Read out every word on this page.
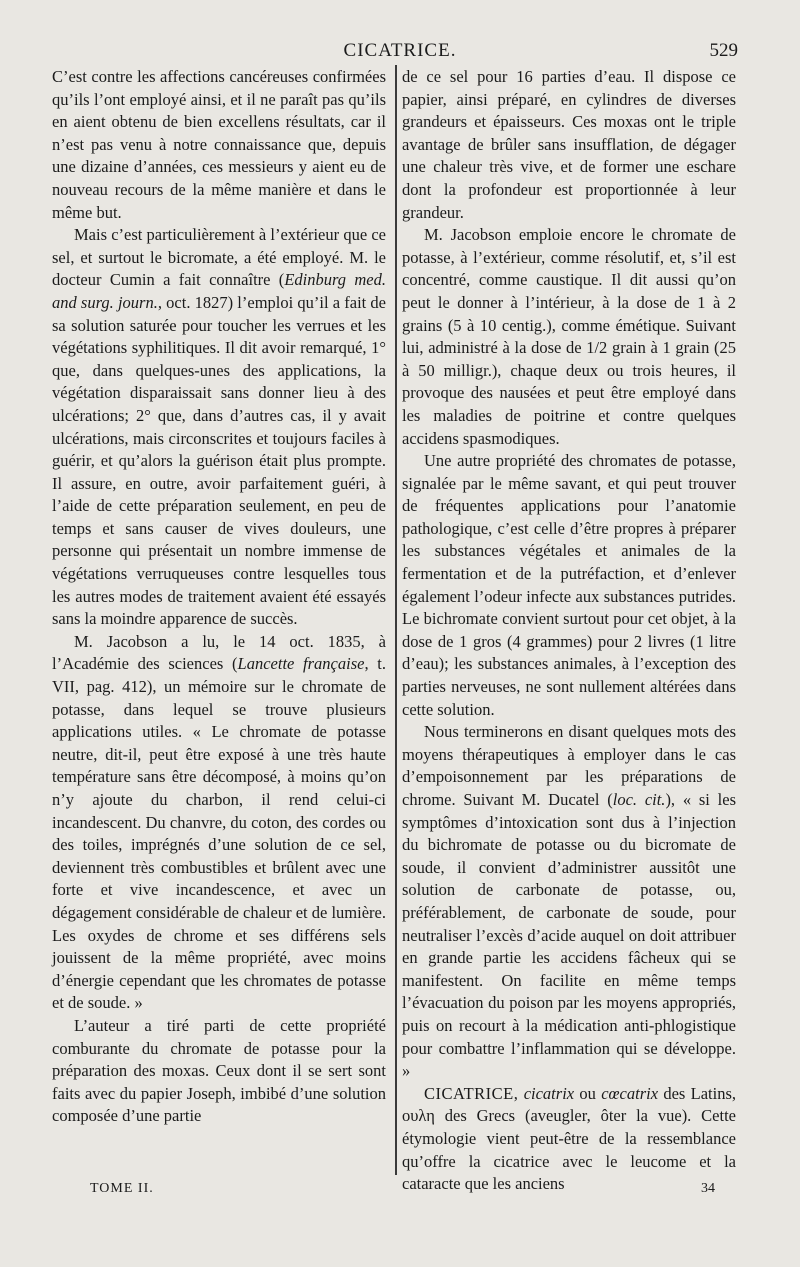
CICATRICE.	529

C’est contre les affections cancéreuses confirmées qu’ils l’ont employé ainsi, et il ne paraît pas qu’ils en aient obtenu de bien excellens résultats, car il n’est pas venu à notre connaissance que, depuis une dizaine d’années, ces messieurs y aient eu de nouveau recours de la même manière et dans le même but.

Mais c’est particulièrement à l’extérieur que ce sel, et surtout le bicromate, a été employé. M. le docteur Cumin a fait connaître (Edinburg med. and surg. journ., oct. 1827) l’emploi qu’il a fait de sa solution saturée pour toucher les verrues et les végétations syphilitiques. Il dit avoir remarqué, 1° que, dans quelques-unes des applications, la végétation disparaissait sans donner lieu à des ulcérations; 2° que, dans d’autres cas, il y avait ulcérations, mais circonscrites et toujours faciles à guérir, et qu’alors la guérison était plus prompte. Il assure, en outre, avoir parfaitement guéri, à l’aide de cette préparation seulement, en peu de temps et sans causer de vives douleurs, une personne qui présentait un nombre immense de végétations verruqueuses contre lesquelles tous les autres modes de traitement avaient été essayés sans la moindre apparence de succès.

M. Jacobson a lu, le 14 oct. 1835, à l’Académie des sciences (Lancette française, t. VII, pag. 412), un mémoire sur le chromate de potasse, dans lequel se trouve plusieurs applications utiles. « Le chromate de potasse neutre, dit-il, peut être exposé à une très haute température sans être décomposé, à moins qu’on n’y ajoute du charbon, il rend celui-ci incandescent. Du chanvre, du coton, des cordes ou des toiles, imprégnés d’une solution de ce sel, deviennent très combustibles et brûlent avec une forte et vive incandescence, et avec un dégagement considérable de chaleur et de lumière. Les oxydes de chrome et ses différens sels jouissent de la même propriété, avec moins d’énergie cependant que les chromates de potasse et de soude. »

L’auteur a tiré parti de cette propriété comburante du chromate de potasse pour la préparation des moxas. Ceux dont il se sert sont faits avec du papier Joseph, imbibé d’une solution composée d’une partie

de ce sel pour 16 parties d’eau. Il dispose ce papier, ainsi préparé, en cylindres de diverses grandeurs et épaisseurs. Ces moxas ont le triple avantage de brûler sans insufflation, de dégager une chaleur très vive, et de former une eschare dont la profondeur est proportionnée à leur grandeur.

M. Jacobson emploie encore le chromate de potasse, à l’extérieur, comme résolutif, et, s’il est concentré, comme caustique. Il dit aussi qu’on peut le donner à l’intérieur, à la dose de 1 à 2 grains (5 à 10 centig.), comme émétique. Suivant lui, administré à la dose de 1/2 grain à 1 grain (25 à 50 milligr.), chaque deux ou trois heures, il provoque des nausées et peut être employé dans les maladies de poitrine et contre quelques accidens spasmodiques.

Une autre propriété des chromates de potasse, signalée par le même savant, et qui peut trouver de fréquentes applications pour l’anatomie pathologique, c’est celle d’être propres à préparer les substances végétales et animales de la fermentation et de la putréfaction, et d’enlever également l’odeur infecte aux substances putrides. Le bichromate convient surtout pour cet objet, à la dose de 1 gros (4 grammes) pour 2 livres (1 litre d’eau); les substances animales, à l’exception des parties nerveuses, ne sont nullement altérées dans cette solution.

Nous terminerons en disant quelques mots des moyens thérapeutiques à employer dans le cas d’empoisonnement par les préparations de chrome. Suivant M. Ducatel (loc. cit.), « si les symptômes d’intoxication sont dus à l’injection du bichromate de potasse ou du bicromate de soude, il convient d’administrer aussitôt une solution de carbonate de potasse, ou, préférablement, de carbonate de soude, pour neutraliser l’excès d’acide auquel on doit attribuer en grande partie les accidens fâcheux qui se manifestent. On facilite en même temps l’évacuation du poison par les moyens appropriés, puis on recourt à la médication anti-phlogistique pour combattre l’inflammation qui se développe. »

CICATRICE, cicatrix ou cœcatrix des Latins, ουλη des Grecs (aveugler, ôter la vue). Cette étymologie vient peut-être de la ressemblance qu’offre la cicatrice avec le leucome et la cataracte que les anciens

TOME II.	34
